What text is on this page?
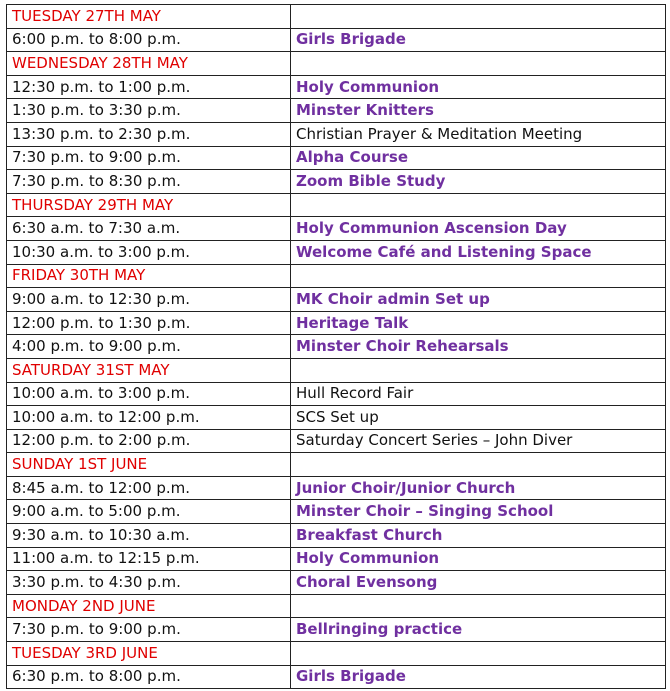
TUESDAY 27TH MAY	
6:00 p.m. to 8:00 p.m.	Girls Brigade
WEDNESDAY 28TH MAY	
12:30 p.m. to 1:00 p.m.	Holy Communion
1:30 p.m. to 3:30 p.m.	Minster Knitters
13:30 p.m. to 2:30 p.m.	Christian Prayer & Meditation Meeting
7:30 p.m. to 9:00 p.m.	Alpha Course
7:30 p.m. to 8:30 p.m.	Zoom Bible Study
THURSDAY 29TH MAY	
6:30 a.m. to 7:30 a.m.	Holy Communion Ascension Day
10:30 a.m. to 3:00 p.m.	Welcome Café and Listening Space
FRIDAY 30TH MAY	
9:00 a.m. to 12:30 p.m.	MK Choir admin Set up
12:00 p.m. to 1:30 p.m.	Heritage Talk
4:00 p.m. to 9:00 p.m.	Minster Choir Rehearsals
SATURDAY 31ST MAY	
10:00 a.m. to 3:00 p.m.	Hull Record Fair
10:00 a.m. to 12:00 p.m.	SCS Set up
12:00 p.m. to 2:00 p.m.	Saturday Concert Series – John Diver
SUNDAY 1ST JUNE	
8:45 a.m. to 12:00 p.m.	Junior Choir/Junior Church
9:00 a.m. to 5:00 p.m.	Minster Choir – Singing School
9:30 a.m. to 10:30 a.m.	Breakfast Church
11:00 a.m. to 12:15 p.m.	Holy Communion
3:30 p.m. to 4:30 p.m.	Choral Evensong
MONDAY 2ND JUNE	
7:30 p.m. to 9:00 p.m.	Bellringing practice
TUESDAY 3RD JUNE	
6:30 p.m. to 8:00 p.m.	Girls Brigade
